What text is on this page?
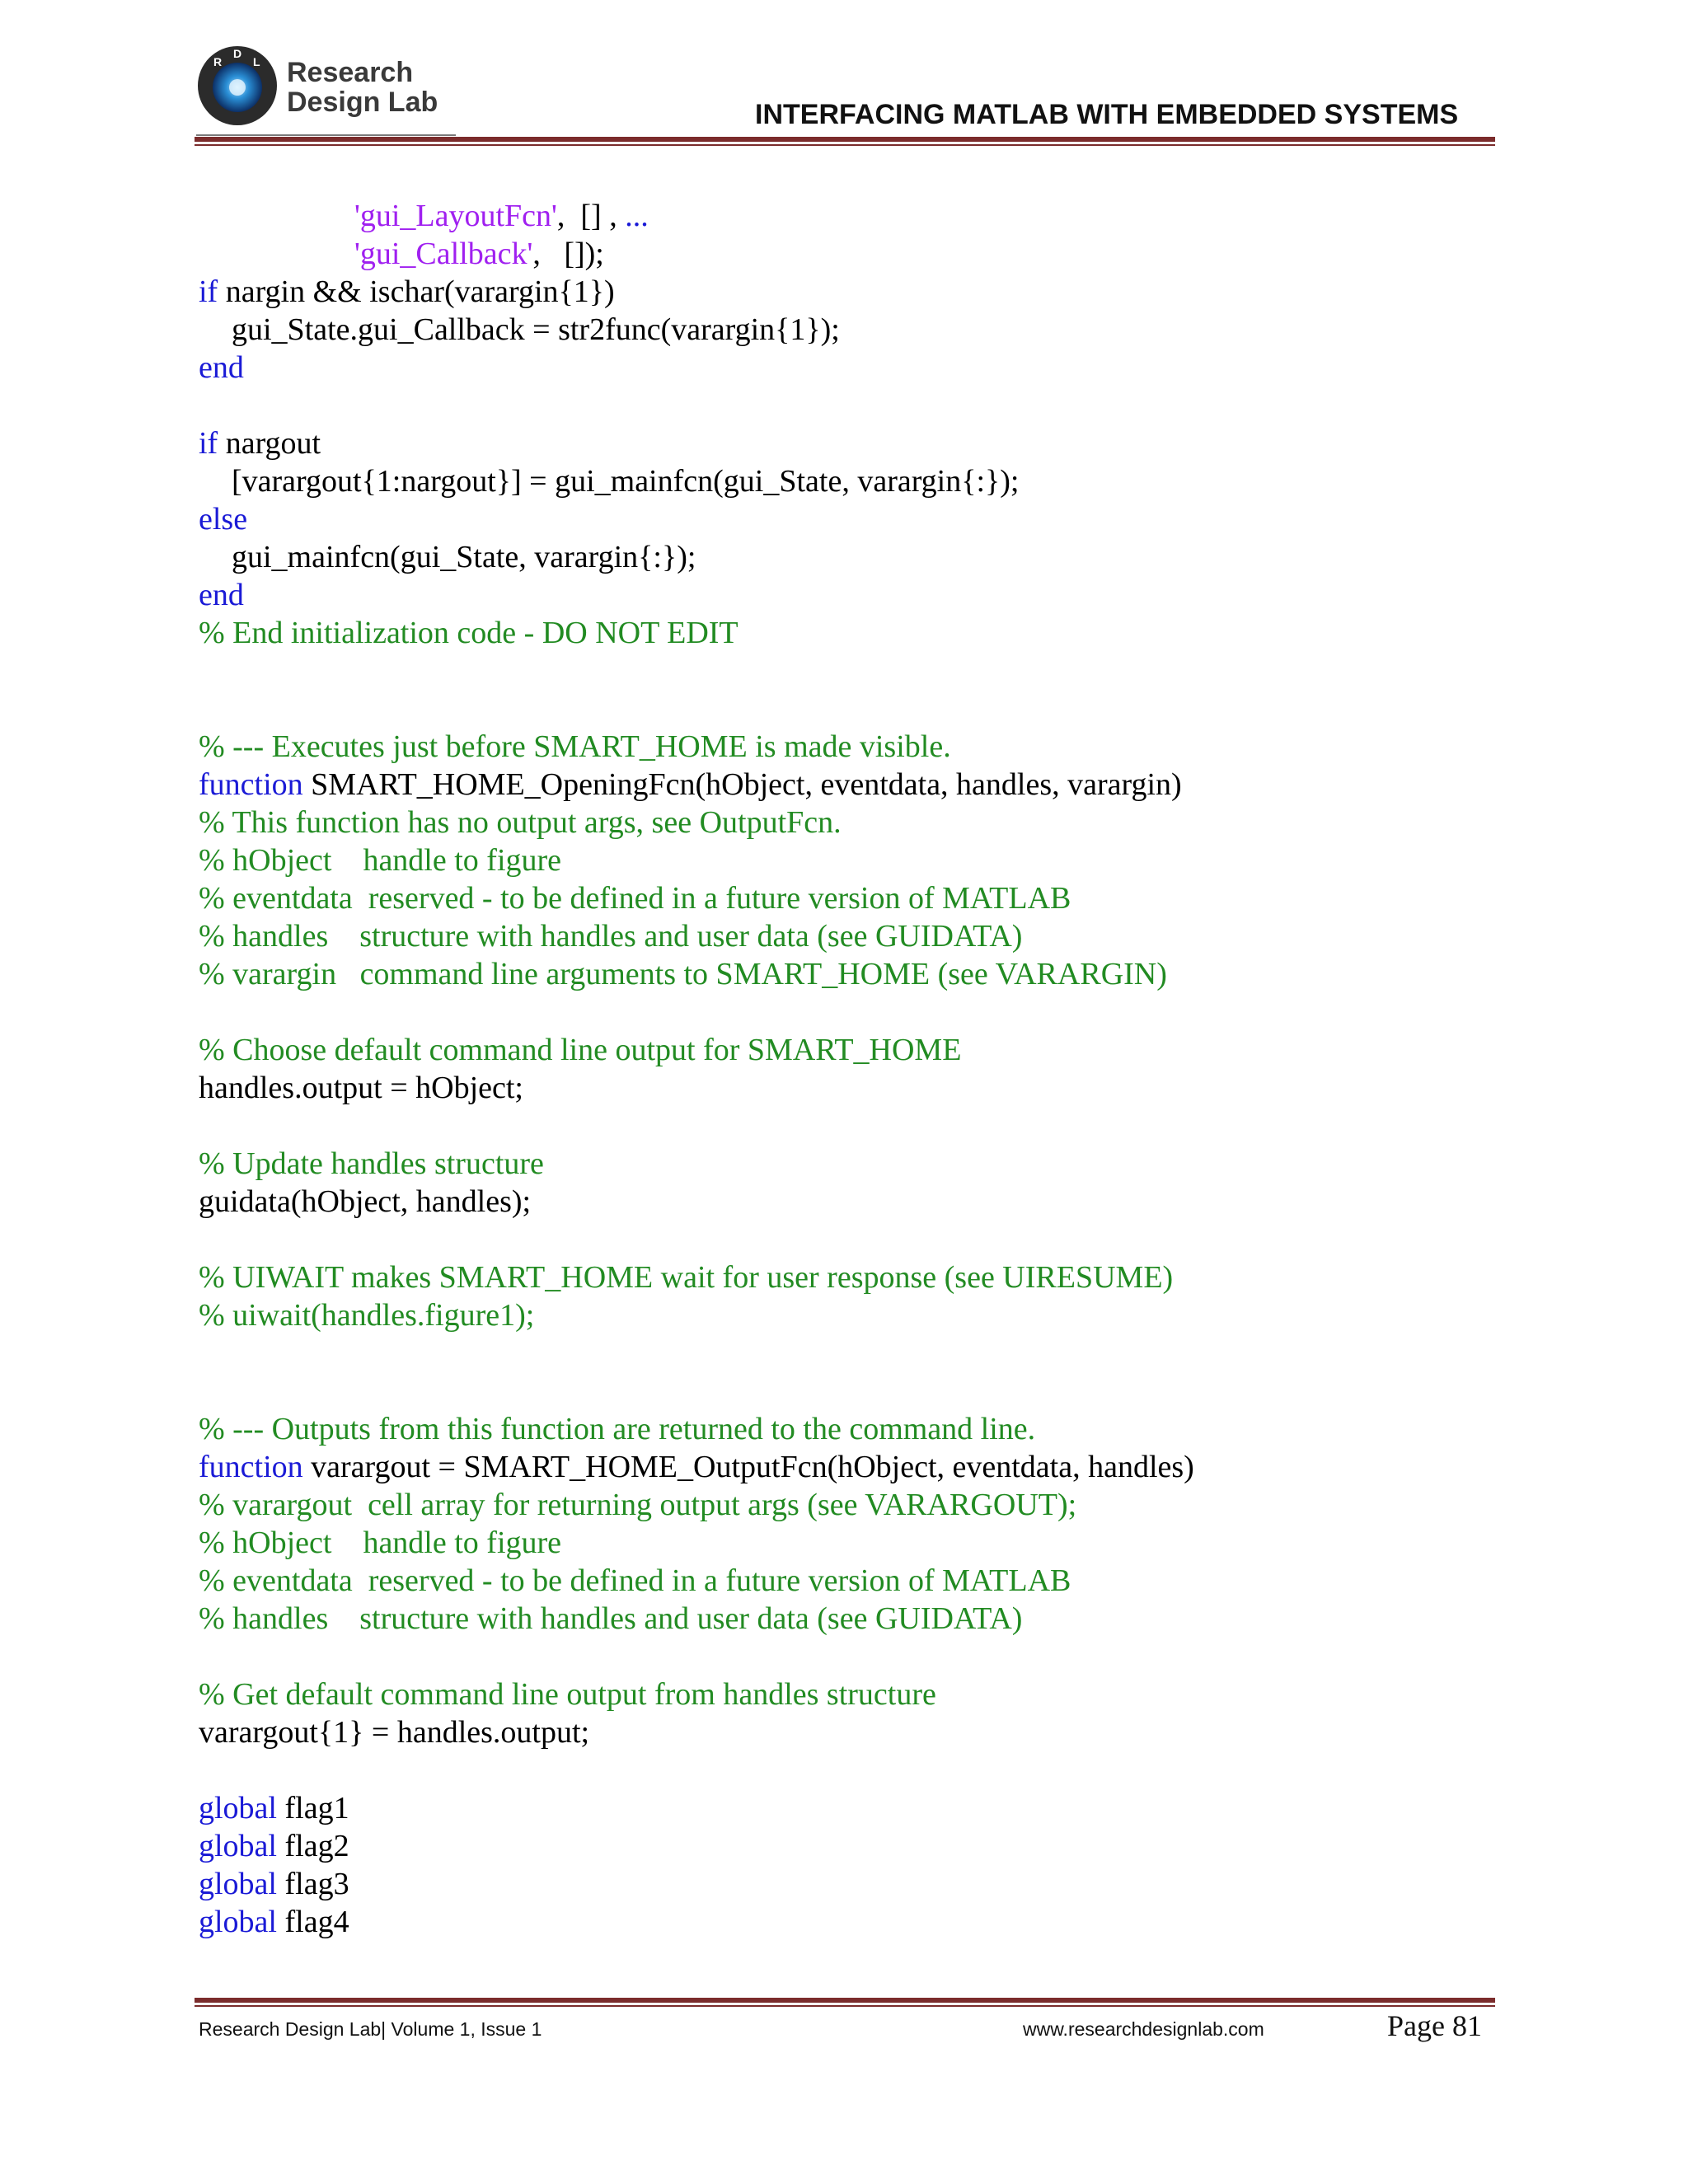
R
D
L Research
Design Lab	INTERFACING MATLAB WITH EMBEDDED SYSTEMS
'gui_LayoutFcn',  [] , ...
'gui_Callback',   []);
if nargin && ischar(varargin{1})
gui_State.gui_Callback = str2func(varargin{1});
end
if nargout
[varargout{1:nargout}] = gui_mainfcn(gui_State, varargin{:});
else
gui_mainfcn(gui_State, varargin{:});
end
% End initialization code - DO NOT EDIT
% --- Executes just before SMART_HOME is made visible.
function SMART_HOME_OpeningFcn(hObject, eventdata, handles, varargin)
% This function has no output args, see OutputFcn.
% hObject    handle to figure
% eventdata  reserved - to be defined in a future version of MATLAB
% handles    structure with handles and user data (see GUIDATA)
% varargin   command line arguments to SMART_HOME (see VARARGIN)
% Choose default command line output for SMART_HOME
handles.output = hObject;
% Update handles structure
guidata(hObject, handles);
% UIWAIT makes SMART_HOME wait for user response (see UIRESUME)
% uiwait(handles.figure1);
% --- Outputs from this function are returned to the command line.
function varargout = SMART_HOME_OutputFcn(hObject, eventdata, handles)
% varargout  cell array for returning output args (see VARARGOUT);
% hObject    handle to figure
% eventdata  reserved - to be defined in a future version of MATLAB
% handles    structure with handles and user data (see GUIDATA)
% Get default command line output from handles structure
varargout{1} = handles.output;
global flag1
global flag2
global flag3
global flag4
Research Design Lab| Volume 1, Issue 1	www.researchdesignlab.com	Page 81
